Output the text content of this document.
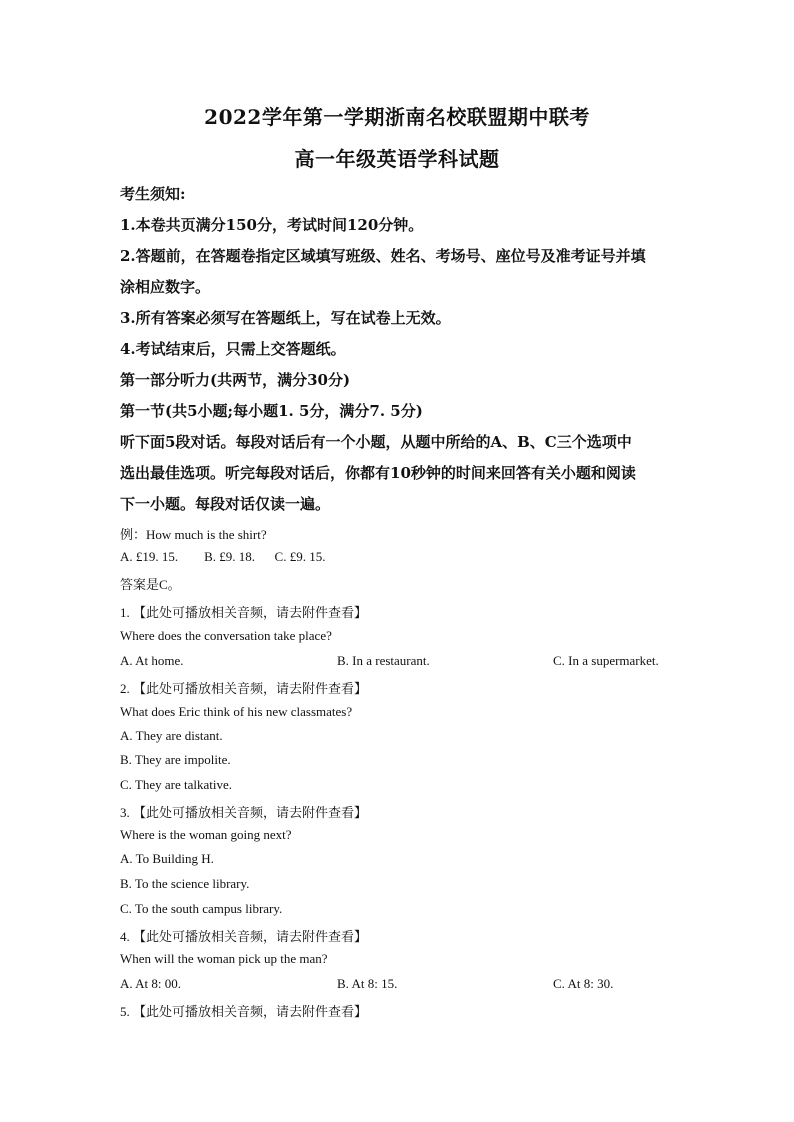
2022学年第一学期浙南名校联盟期中联考
高一年级英语学科试题
考生须知:
1.本卷共页满分150分，考试时间120分钟。
2.答题前，在答题卷指定区域填写班级、姓名、考场号、座位号及准考证号并填
涂相应数字。
3.所有答案必须写在答题纸上，写在试卷上无效。
4.考试结束后，只需上交答题纸。
第一部分听力(共两节，满分30分)
第一节(共5小题;每小题1. 5分，满分7. 5分)
听下面5段对话。每段对话后有一个小题，从题中所给的A、B、C三个选项中
选出最佳选项。听完每段对话后，你都有10秒钟的时间来回答有关小题和阅读
下一小题。每段对话仅读一遍。
例：How much is the shirt?
A. £19. 15.        B. £9. 18.      C. £9. 15.
答案是C。
1. 【此处可播放相关音频，请去附件查看】
Where does the conversation take place?
A. At home.	B. In a restaurant.	C. In a supermarket.
2. 【此处可播放相关音频，请去附件查看】
What does Eric think of his new classmates?
A. They are distant.
B. They are impolite.
C. They are talkative.
3. 【此处可播放相关音频，请去附件查看】
Where is the woman going next?
A. To Building H.
B. To the science library.
C. To the south campus library.
4. 【此处可播放相关音频，请去附件查看】
When will the woman pick up the man?
A. At 8: 00.	B. At 8: 15.	C. At 8: 30.
5. 【此处可播放相关音频，请去附件查看】
